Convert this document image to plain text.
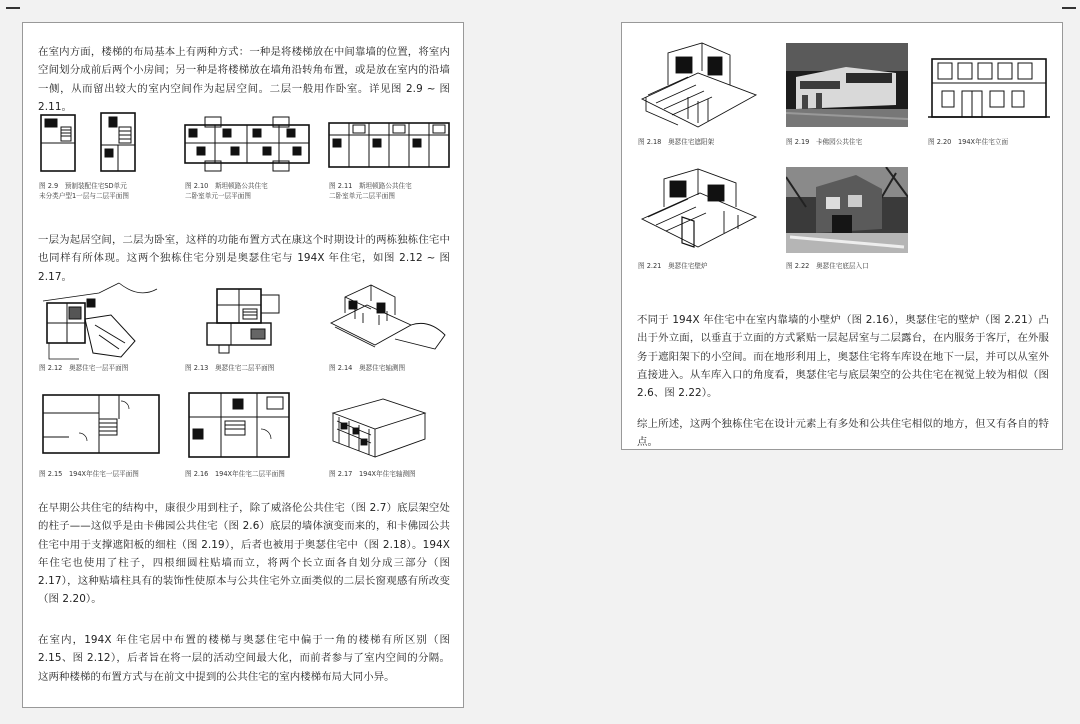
在室内方面，楼梯的布局基本上有两种方式：一种是将楼梯放在中间靠墙的位置，将室内空间划分成前后两个小房间；另一种是将楼梯放在墙角沿转角布置，或是放在室内的沿墙一侧，从而留出较大的室内空间作为起居空间。二层一般用作卧室。详见图 2.9 ~ 图 2.11。

图 2.9　预制装配住宅SD单元
未分类户型1一层与二层平面图
图 2.10　斯坦顿路公共住宅
二卧室单元一层平面图
图 2.11　斯坦顿路公共住宅
二卧室单元二层平面图

一层为起居空间，二层为卧室，这样的功能布置方式在康这个时期设计的两栋独栋住宅中也同样有所体现。这两个独栋住宅分别是奥瑟住宅与 194X 年住宅，如图 2.12 ~ 图 2.17。

图 2.12　奥瑟住宅一层平面图	图 2.13　奥瑟住宅二层平面图	图 2.14　奥瑟住宅轴测图
图 2.15　194X年住宅一层平面图	图 2.16　194X年住宅二层平面图	图 2.17　194X年住宅轴测图

在早期公共住宅的结构中，康很少用到柱子，除了威洛伦公共住宅（图 2.7）底层架空处的柱子——这似乎是由卡佛园公共住宅（图 2.6）底层的墙体演变而来的，和卡佛园公共住宅中用于支撑遮阳板的细柱（图 2.19），后者也被用于奥瑟住宅中（图 2.18）。194X 年住宅也使用了柱子，四根细圆柱贴墙而立，将两个长立面各自划分成三部分（图 2.17），这种贴墙柱具有的装饰性使原本与公共住宅外立面类似的二层长窗观感有所改变（图 2.20）。

在室内，194X 年住宅居中布置的楼梯与奥瑟住宅中偏于一角的楼梯有所区别（图 2.15、图 2.12），后者旨在将一层的活动空间最大化，而前者参与了室内空间的分隔。这两种楼梯的布置方式与在前文中提到的公共住宅的室内楼梯布局大同小异。

图 2.18　奥瑟住宅遮阳架	图 2.19　卡佛园公共住宅	图 2.20　194X年住宅立面
图 2.21　奥瑟住宅壁炉	图 2.22　奥瑟住宅底层入口

不同于 194X 年住宅中在室内靠墙的小壁炉（图 2.16），奥瑟住宅的壁炉（图 2.21）凸出于外立面，以垂直于立面的方式紧贴一层起居室与二层露台，在内服务于客厅，在外服务于遮阳架下的小空间。而在地形利用上，奥瑟住宅将车库设在地下一层，并可以从室外直接进入。从车库入口的角度看，奥瑟住宅与底层架空的公共住宅在视觉上较为相似（图 2.6、图 2.22）。

综上所述，这两个独栋住宅在设计元素上有多处和公共住宅相似的地方，但又有各自的特点。
